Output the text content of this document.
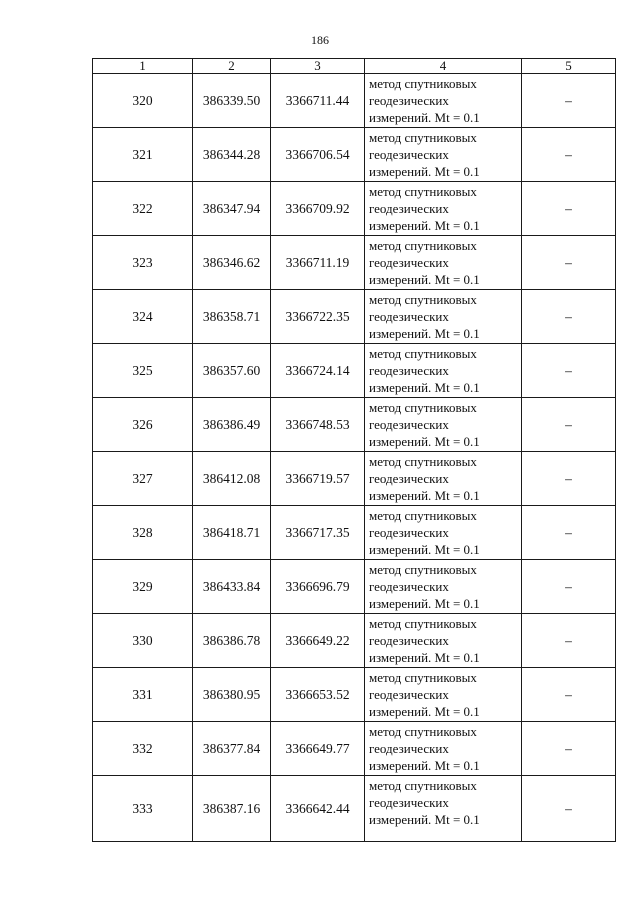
186
1	2	3	4	5
320	386339.50	3366711.44	метод спутниковых
геодезических
измерений. Mt = 0.1	–
321	386344.28	3366706.54	метод спутниковых
геодезических
измерений. Mt = 0.1	–
322	386347.94	3366709.92	метод спутниковых
геодезических
измерений. Mt = 0.1	–
323	386346.62	3366711.19	метод спутниковых
геодезических
измерений. Mt = 0.1	–
324	386358.71	3366722.35	метод спутниковых
геодезических
измерений. Mt = 0.1	–
325	386357.60	3366724.14	метод спутниковых
геодезических
измерений. Mt = 0.1	–
326	386386.49	3366748.53	метод спутниковых
геодезических
измерений. Mt = 0.1	–
327	386412.08	3366719.57	метод спутниковых
геодезических
измерений. Mt = 0.1	–
328	386418.71	3366717.35	метод спутниковых
геодезических
измерений. Mt = 0.1	–
329	386433.84	3366696.79	метод спутниковых
геодезических
измерений. Mt = 0.1	–
330	386386.78	3366649.22	метод спутниковых
геодезических
измерений. Mt = 0.1	–
331	386380.95	3366653.52	метод спутниковых
геодезических
измерений. Mt = 0.1	–
332	386377.84	3366649.77	метод спутниковых
геодезических
измерений. Mt = 0.1	–
333	386387.16	3366642.44	метод спутниковых
геодезических
измерений. Mt = 0.1	–
